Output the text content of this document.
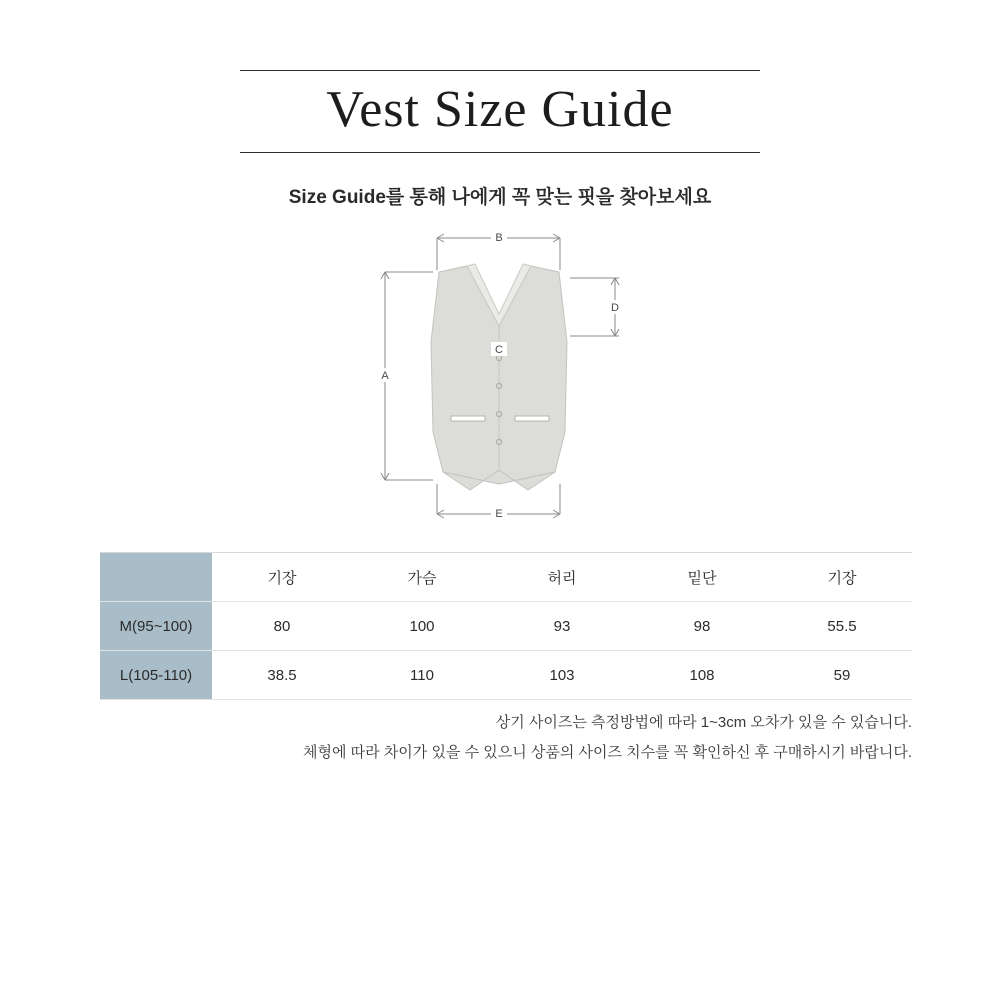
Vest Size Guide
Size Guide를 통해 나에게 꼭 맞는 핏을 찾아보세요
B
A
D
C
E
	기장	가슴	허리	밑단	기장
M(95~100)	80	100	93	98	55.5
L(105-110)	38.5	110	103	108	59
상기 사이즈는 측정방법에 따라 1~3cm 오차가 있을 수 있습니다.
체형에 따라 차이가 있을 수 있으니 상품의 사이즈 치수를 꼭 확인하신 후 구매하시기 바랍니다.
